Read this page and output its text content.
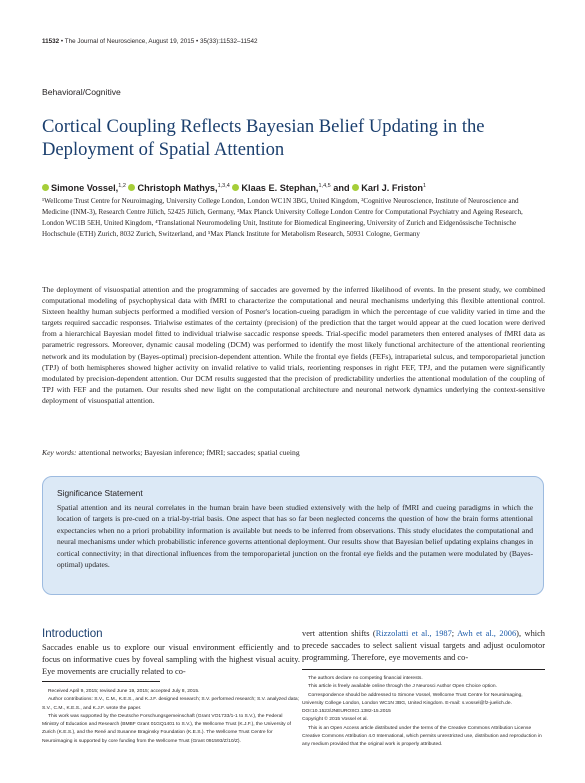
11532 • The Journal of Neuroscience, August 19, 2015 • 35(33):11532–11542
Behavioral/Cognitive
Cortical Coupling Reflects Bayesian Belief Updating in the Deployment of Spatial Attention
Simone Vossel,$^{1,2}$ Christoph Mathys,$^{1,3,4}$ Klaas E. Stephan,$^{1,4,5}$ and Karl J. Friston$^1$
¹Wellcome Trust Centre for Neuroimaging, University College London, London WC1N 3BG, United Kingdom, ²Cognitive Neuroscience, Institute of Neuroscience and Medicine (INM-3), Research Centre Jülich, 52425 Jülich, Germany, ³Max Planck University College London Centre for Computational Psychiatry and Ageing Research, London WC1B 5EH, United Kingdom, ⁴Translational Neuromodeling Unit, Institute for Biomedical Engineering, University of Zurich and Eidgenössische Technische Hochschule (ETH) Zurich, 8032 Zurich, Switzerland, and ⁵Max Planck Institute for Metabolism Research, 50931 Cologne, Germany
The deployment of visuospatial attention and the programming of saccades are governed by the inferred likelihood of events. In the present study, we combined computational modeling of psychophysical data with fMRI to characterize the computational and neural mechanisms underlying this flexible attentional control. Sixteen healthy human subjects performed a modified version of Posner's location-cueing paradigm in which the percentage of cue validity varied in time and the targets required saccadic responses. Trialwise estimates of the certainty (precision) of the prediction that the target would appear at the cued location were derived from a hierarchical Bayesian model fitted to individual trialwise saccadic response speeds. Trial-specific model parameters then entered analyses of fMRI data as parametric regressors. Moreover, dynamic causal modeling (DCM) was performed to identify the most likely functional architecture of the attentional reorienting network and its modulation by (Bayes-optimal) precision-dependent attention. While the frontal eye fields (FEFs), intraparietal sulcus, and temporoparietal junction (TPJ) of both hemispheres showed higher activity on invalid relative to valid trials, reorienting responses in right FEF, TPJ, and the putamen were significantly modulated by precision-dependent attention. Our DCM results suggested that the precision of predictability underlies the attentional modulation of the coupling of TPJ with FEF and the putamen. Our results shed new light on the computational architecture and neuronal network dynamics underlying the context-sensitive deployment of visuospatial attention.
Key words: attentional networks; Bayesian inference; fMRI; saccades; spatial cueing
Significance Statement
Spatial attention and its neural correlates in the human brain have been studied extensively with the help of fMRI and cueing paradigms in which the location of targets is pre-cued on a trial-by-trial basis. One aspect that has so far been neglected concerns the question of how the brain forms attentional expectancies when no a priori probability information is available but needs to be inferred from observations. This study elucidates the computational and neural mechanisms under which probabilistic inference governs attentional deployment. Our results show that Bayesian belief updating explains changes in cortical connectivity; in that directional influences from the temporoparietal junction on the frontal eye fields and the putamen were modulated by (Bayes-optimal) updates.
Introduction
Saccades enable us to explore our visual environment efficiently and to focus on informative cues by foveal sampling with the highest visual acuity. Eye movements are crucially related to co-
vert attention shifts (Rizzolatti et al., 1987; Awh et al., 2006), which precede saccades to select salient visual targets and adjust oculomotor programming. Therefore, eye movements and co-
Received April 9, 2015; revised June 19, 2015; accepted July 8, 2015.
Author contributions: S.V., C.M., K.E.S., and K.J.F. designed research; S.V. performed research; S.V. analyzed data; S.V., C.M., K.E.S., and K.J.F. wrote the paper.
This work was supported by the Deutsche Forschungsgemeinschaft (Grant VO1733/1-1 to S.V.), the Federal Ministry of Education and Research (BMBF Grant 01GQ1401 to S.V.), the Wellcome Trust (K.J.F.), the University of Zurich (K.E.S.), and the René and Susanne Braginsky Foundation (K.E.S.). The Wellcome Trust Centre for Neuroimaging is supported by core funding from the Wellcome Trust (Grant 091593/Z/10/Z).
The authors declare no competing financial interests.
This article is freely available online through the J Neurosci Author Open Choice option.
Correspondence should be addressed to Simone Vossel, Wellcome Trust Centre for Neuroimaging, University College London, London WC1N 3BG, United Kingdom. E-mail: s.vossel@fz-juelich.de.
DOI:10.1523/JNEUROSCI.1382-15.2015
Copyright © 2015 Vossel et al.
This is an Open Access article distributed under the terms of the Creative Commons Attribution License Creative Commons Attribution 4.0 International, which permits unrestricted use, distribution and reproduction in any medium provided that the original work is properly attributed.
